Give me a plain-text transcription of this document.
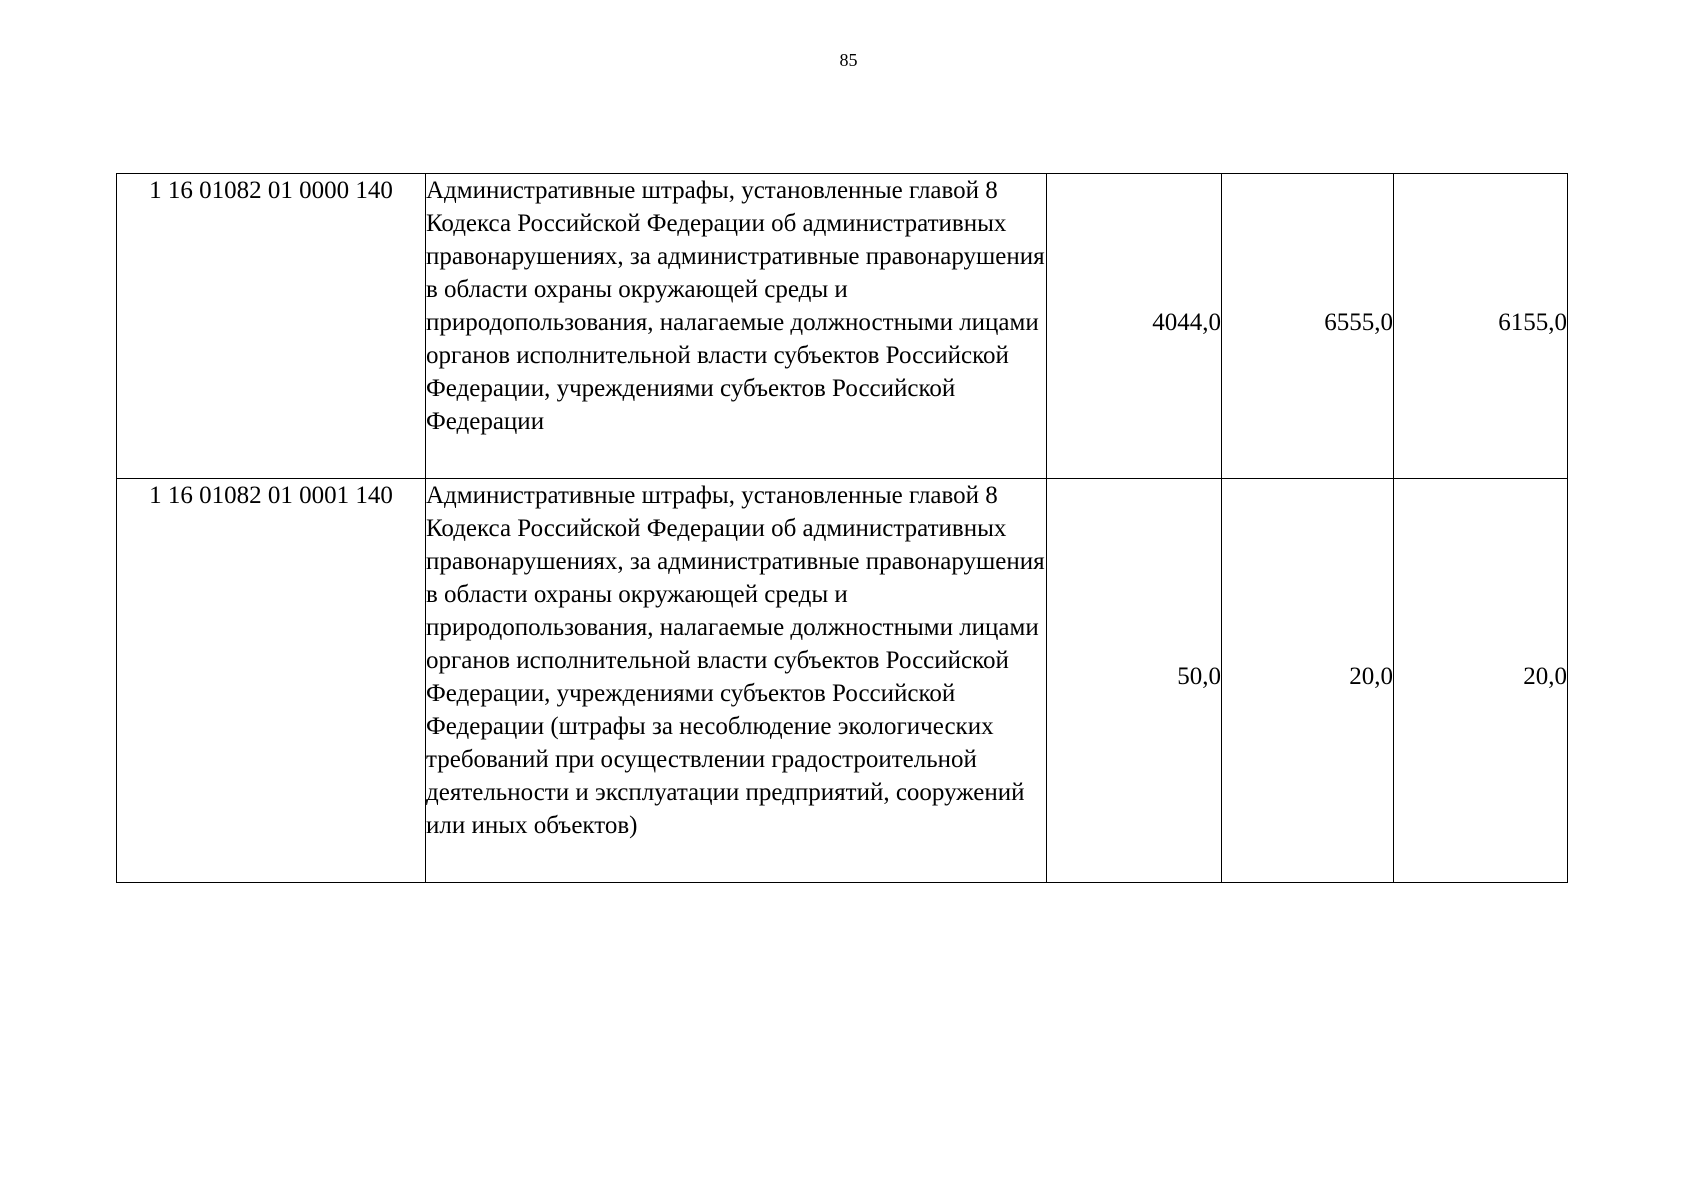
85
1 16 01082 01 0000 140	Административные штрафы, установленные главой 8 Кодекса Российской Федерации об административных правонарушениях, за административные правонарушения в области охраны окружающей среды и природопользования, налагаемые должностными лицами органов исполнительной власти субъектов Российской Федерации, учреждениями субъектов Российской Федерации	4044,0	6555,0	6155,0
1 16 01082 01 0001 140	Административные штрафы, установленные главой 8 Кодекса Российской Федерации об административных правонарушениях, за административные правонарушения в области охраны окружающей среды и природопользования, налагаемые должностными лицами органов исполнительной власти субъектов Российской Федерации, учреждениями субъектов Российской Федерации (штрафы за несоблюдение экологических требований при осуществлении градостроительной деятельности и эксплуатации предприятий, сооружений или иных объектов)	50,0	20,0	20,0
